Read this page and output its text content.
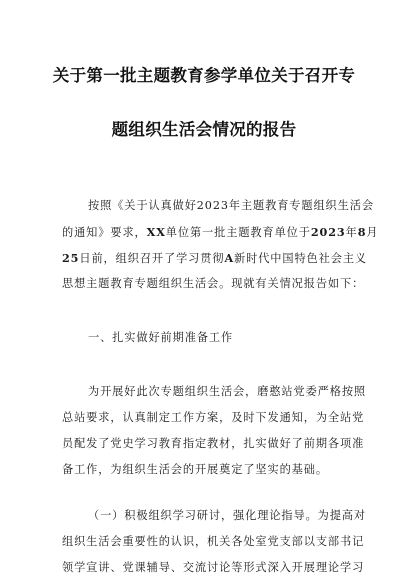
关于第一批主题教育参学单位关于召开专
题组织生活会情况的报告
按照《关于认真做好2023年主题教育专题组织生活会
的通知》要求，XX单位第一批主题教育单位于2023年8月
25日前，组织召开了学习贯彻A新时代中国特色社会主义
思想主题教育专题组织生活会。现就有关情况报告如下：
一、扎实做好前期准备工作
为开展好此次专题组织生活会，磨憨站党委严格按照
总站要求，认真制定工作方案，及时下发通知，为全站党
员配发了党史学习教育指定教材，扎实做好了前期各项准
备工作，为组织生活会的开展奠定了坚实的基础。
（一）积极组织学习研讨，强化理论指导。为提高对
组织生活会重要性的认识，机关各处室党支部以支部书记
领学宣讲、党课辅导、交流讨论等形式深入开展理论学习
